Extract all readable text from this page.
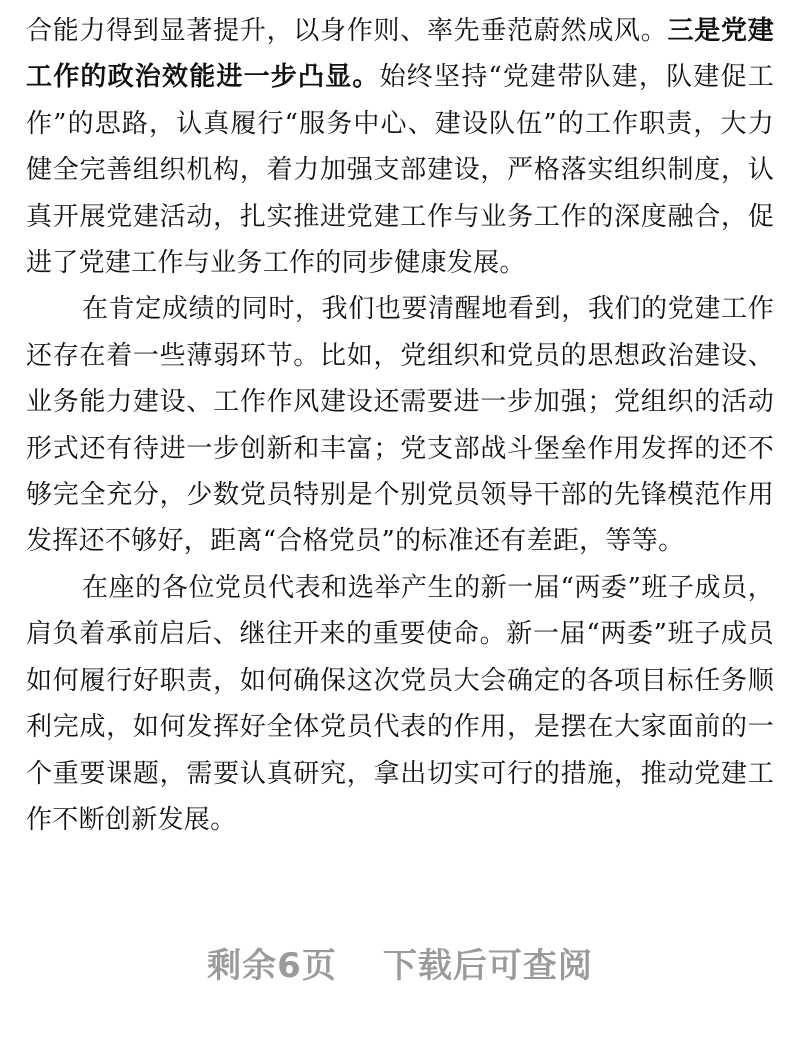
合能力得到显著提升，以身作则、率先垂范蔚然成风。三是党建工作的政治效能进一步凸显。始终坚持“党建带队建，队建促工作”的思路，认真履行“服务中心、建设队伍”的工作职责，大力健全完善组织机构，着力加强支部建设，严格落实组织制度，认真开展党建活动，扎实推进党建工作与业务工作的深度融合，促进了党建工作与业务工作的同步健康发展。

在肯定成绩的同时，我们也要清醒地看到，我们的党建工作还存在着一些薄弱环节。比如，党组织和党员的思想政治建设、业务能力建设、工作作风建设还需要进一步加强；党组织的活动形式还有待进一步创新和丰富；党支部战斗堡垒作用发挥的还不够完全充分，少数党员特别是个别党员领导干部的先锋模范作用发挥还不够好，距离“合格党员”的标准还有差距，等等。

在座的各位党员代表和选举产生的新一届“两委”班子成员，肩负着承前启后、继往开来的重要使命。新一届“两委”班子成员如何履行好职责，如何确保这次党员大会确定的各项目标任务顺利完成，如何发挥好全体党员代表的作用，是摆在大家面前的一个重要课题，需要认真研究，拿出切实可行的措施，推动党建工作不断创新发展。

剩余6页 下载后可查阅
